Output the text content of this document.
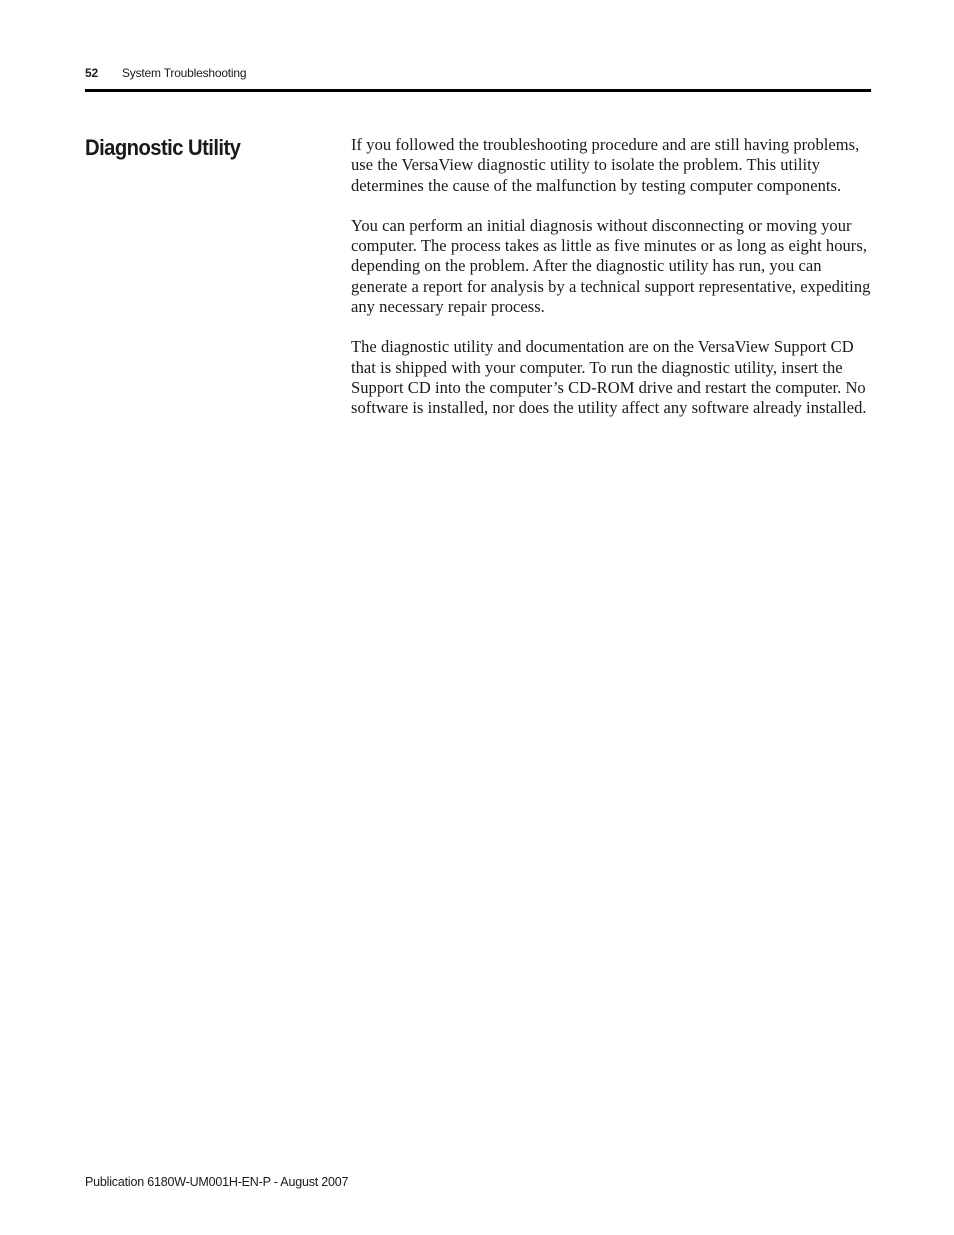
52 System Troubleshooting
Diagnostic Utility	If you followed the troubleshooting procedure and are still having problems, use the VersaView diagnostic utility to isolate the problem. This utility determines the cause of the malfunction by testing computer components.

You can perform an initial diagnosis without disconnecting or moving your computer. The process takes as little as five minutes or as long as eight hours, depending on the problem. After the diagnostic utility has run, you can generate a report for analysis by a technical support representative, expediting any necessary repair process.

The diagnostic utility and documentation are on the VersaView Support CD that is shipped with your computer. To run the diagnostic utility, insert the Support CD into the computer’s CD-ROM drive and restart the computer. No software is installed, nor does the utility affect any software already installed.

Publication 6180W-UM001H-EN-P - August 2007
